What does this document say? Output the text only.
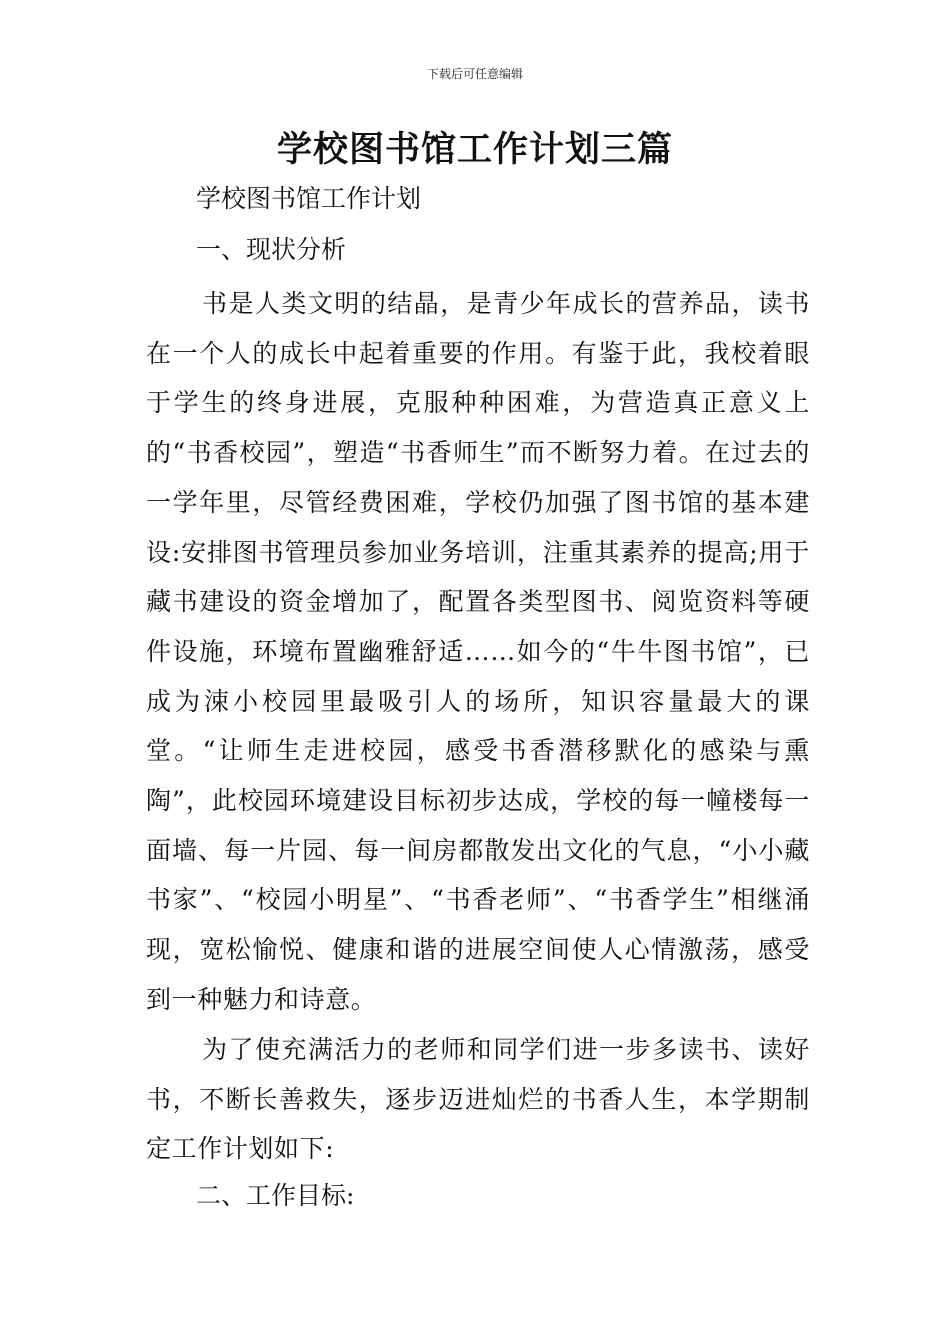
下载后可任意编辑
学校图书馆工作计划三篇

学校图书馆工作计划

一、现状分析

书是人类文明的结晶，是青少年成长的营养品，读书在一个人的成长中起着重要的作用。有鉴于此，我校着眼于学生的终身进展，克服种种困难，为营造真正意义上的“书香校园”，塑造“书香师生”而不断努力着。在过去的一学年里，尽管经费困难，学校仍加强了图书馆的基本建设:安排图书管理员参加业务培训，注重其素养的提高;用于藏书建设的资金增加了，配置各类型图书、阅览资料等硬件设施，环境布置幽雅舒适……如今的“牛牛图书馆”，已成为涑小校园里最吸引人的场所，知识容量最大的课堂。“让师生走进校园，感受书香潜移默化的感染与熏陶”，此校园环境建设目标初步达成，学校的每一幢楼每一面墙、每一片园、每一间房都散发出文化的气息，“小小藏书家”、“校园小明星”、“书香老师”、“书香学生”相继涌现，宽松愉悦、健康和谐的进展空间使人心情激荡，感受到一种魅力和诗意。

为了使充满活力的老师和同学们进一步多读书、读好书，不断长善救失，逐步迈进灿烂的书香人生，本学期制定工作计划如下:

二、工作目标:
